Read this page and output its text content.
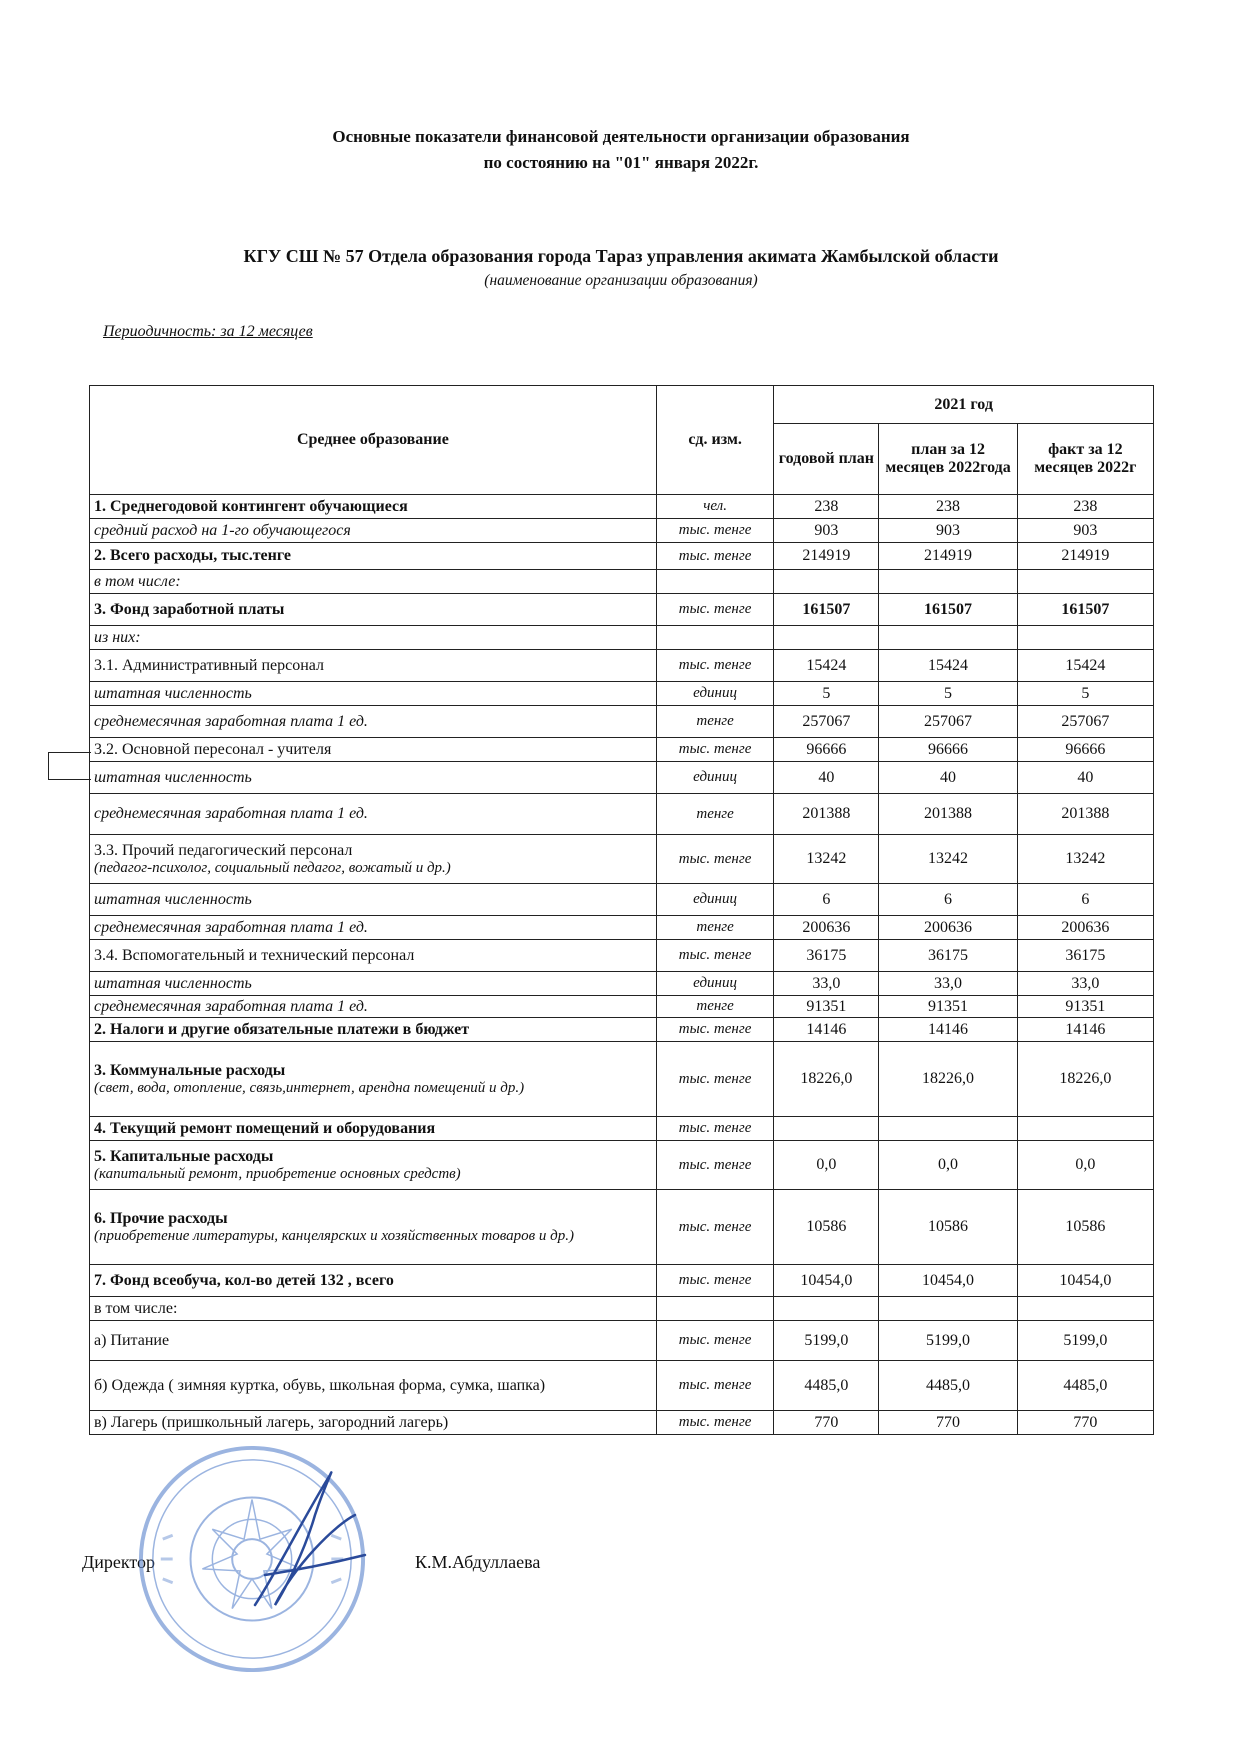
Основные показатели финансовой деятельности организации образования
по состоянию на "01" января 2022г.
КГУ СШ № 57 Отдела образования города Тараз управления акимата Жамбылской области
(наименование организации образования)
Периодичность: за 12 месяцев
Среднее образование	сд. изм.	2021 год		
		годовой план	план за 12 месяцев 2022года	факт за 12 месяцев 2022г
1. Среднегодовой контингент обучающиеся	чел.	238	238	238
средний расход на 1-го обучающегося	тыс. тенге	903	903	903
2. Всего расходы, тыс.тенге	тыс. тенге	214919	214919	214919
в том числе:				
3. Фонд заработной платы	тыс. тенге	161507	161507	161507
из них:				
3.1. Административный персонал	тыс. тенге	15424	15424	15424
штатная численность	единиц	5	5	5
среднемесячная заработная плата 1 ед.	тенге	257067	257067	257067
3.2. Основной пересонал - учителя	тыс. тенге	96666	96666	96666
штатная численность	единиц	40	40	40
среднемесячная заработная плата 1 ед.	тенге	201388	201388	201388
3.3. Прочий педагогический персонал
(педагог-психолог, социальный педагог, вожатый и др.)	тыс. тенге	13242	13242	13242
штатная численность	единиц	6	6	6
среднемесячная заработная плата 1 ед.	тенге	200636	200636	200636
3.4. Вспомогательный и технический персонал	тыс. тенге	36175	36175	36175
штатная численность	единиц	33,0	33,0	33,0
среднемесячная заработная плата 1 ед.	тенге	91351	91351	91351
2. Налоги и другие обязательные платежи в бюджет	тыс. тенге	14146	14146	14146
3. Коммунальные расходы
(свет, вода, отопление, связь,интернет, арендна помещений и др.)	тыс. тенге	18226,0	18226,0	18226,0
4. Текущий ремонт помещений и оборудования	тыс. тенге			
5. Капитальные расходы
(капитальный ремонт, приобретение основных средств)	тыс. тенге	0,0	0,0	0,0
6. Прочие расходы
(приобретение литературы, канцелярских и хозяйственных товаров и др.)	тыс. тенге	10586	10586	10586
7. Фонд всеобуча, кол-во детей 132 , всего	тыс. тенге	10454,0	10454,0	10454,0
в том числе:				
а) Питание	тыс. тенге	5199,0	5199,0	5199,0
б) Одежда ( зимняя куртка, обувь, школьная форма, сумка, шапка)	тыс. тенге	4485,0	4485,0	4485,0
в) Лагерь (пришкольный лагерь, загородний лагерь)	тыс. тенге	770	770	770
Директор	К.М.Абдуллаева
